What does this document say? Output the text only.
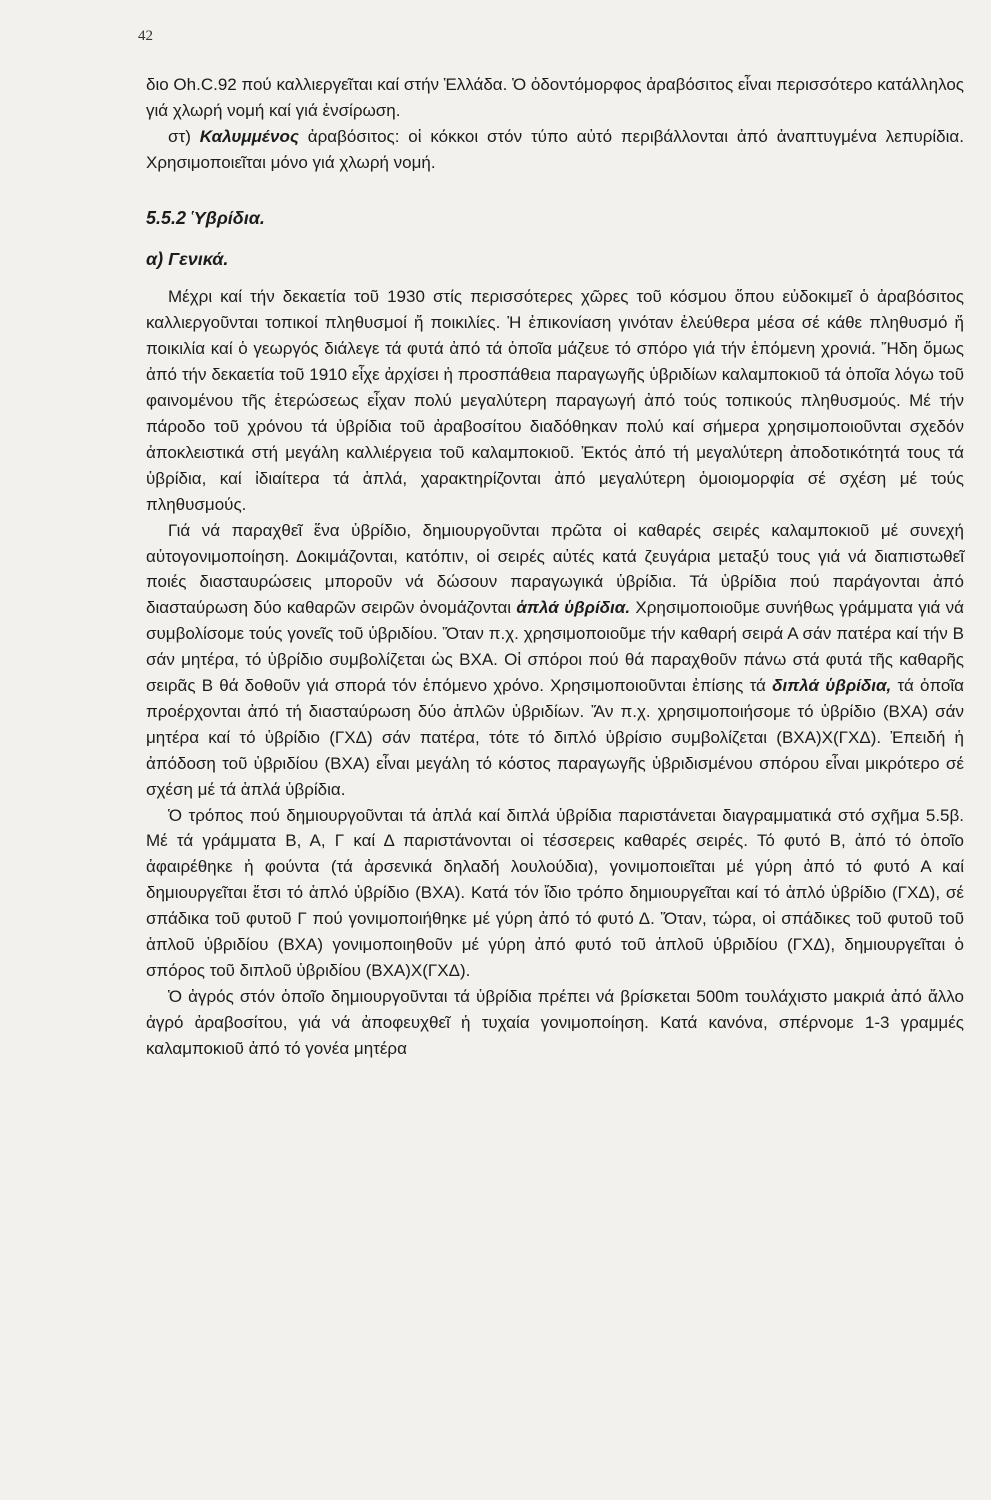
42

διο Oh.C.92 πού καλλιεργεῖται καί στήν Ἑλλάδα. Ὁ ὀδοντόμορφος ἀραβόσιτος εἶναι περισσότερο κατάλληλος γιά χλωρή νομή καί γιά ἐνσίρωση.

στ) Καλυμμένος ἀραβόσιτος: οἱ κόκκοι στόν τύπο αὐτό περιβάλλονται ἀπό ἀναπτυγμένα λεπυρίδια. Χρησιμοποιεῖται μόνο γιά χλωρή νομή.

5.5.2 Ὑβρίδια.

α) Γενικά.

Μέχρι καί τήν δεκαετία τοῦ 1930 στίς περισσότερες χῶρες τοῦ κόσμου ὅπου εὐδοκιμεῖ ὁ ἀραβόσιτος καλλιεργοῦνται τοπικοί πληθυσμοί ἤ ποικιλίες. Ἡ ἐπικονίαση γινόταν ἐλεύθερα μέσα σέ κάθε πληθυσμό ἤ ποικιλία καί ὁ γεωργός διάλεγε τά φυτά ἀπό τά ὁποῖα μάζευε τό σπόρο γιά τήν ἑπόμενη χρονιά. Ἤδη ὅμως ἀπό τήν δεκαετία τοῦ 1910 εἶχε ἀρχίσει ἡ προσπάθεια παραγωγῆς ὑβριδίων καλαμποκιοῦ τά ὁποῖα λόγω τοῦ φαινομένου τῆς ἑτερώσεως εἶχαν πολύ μεγαλύτερη παραγωγή ἀπό τούς τοπικούς πληθυσμούς. Μέ τήν πάροδο τοῦ χρόνου τά ὑβρίδια τοῦ ἀραβοσίτου διαδόθηκαν πολύ καί σήμερα χρησιμοποιοῦνται σχεδόν ἀποκλειστικά στή μεγάλη καλλιέργεια τοῦ καλαμποκιοῦ. Ἐκτός ἀπό τή μεγαλύτερη ἀποδοτικότητά τους τά ὑβρίδια, καί ἰδιαίτερα τά ἁπλά, χαρακτηρίζονται ἀπό μεγαλύτερη ὁμοιομορφία σέ σχέση μέ τούς πληθυσμούς.

Γιά νά παραχθεῖ ἕνα ὑβρίδιο, δημιουργοῦνται πρῶτα οἱ καθαρές σειρές καλαμποκιοῦ μέ συνεχή αὐτογονιμοποίηση. Δοκιμάζονται, κατόπιν, οἱ σειρές αὐτές κατά ζευγάρια μεταξύ τους γιά νά διαπιστωθεῖ ποιές διασταυρώσεις μποροῦν νά δώσουν παραγωγικά ὑβρίδια. Τά ὑβρίδια πού παράγονται ἀπό διασταύρωση δύο καθαρῶν σειρῶν ὀνομάζονται ἁπλά ὑβρίδια. Χρησιμοποιοῦμε συνήθως γράμματα γιά νά συμβολίσομε τούς γονεῖς τοῦ ὑβριδίου. Ὅταν π.χ. χρησιμοποιοῦμε τήν καθαρή σειρά Α σάν πατέρα καί τήν Β σάν μητέρα, τό ὑβρίδιο συμβολίζεται ὡς ΒΧΑ. Οἱ σπόροι πού θά παραχθοῦν πάνω στά φυτά τῆς καθαρῆς σειρᾶς Β θά δοθοῦν γιά σπορά τόν ἑπόμενο χρόνο. Χρησιμοποιοῦνται ἐπίσης τά διπλά ὑβρίδια, τά ὁποῖα προέρχονται ἀπό τή διασταύρωση δύο ἁπλῶν ὑβριδίων. Ἄν π.χ. χρησιμοποιήσομε τό ὑβρίδιο (ΒΧΑ) σάν μητέρα καί τό ὑβρίδιο (ΓΧΔ) σάν πατέρα, τότε τό διπλό ὑβρίσιο συμβολίζεται (ΒΧΑ)Χ(ΓΧΔ). Ἐπειδή ἡ ἀπόδοση τοῦ ὑβριδίου (ΒΧΑ) εἶναι μεγάλη τό κόστος παραγωγῆς ὑβριδισμένου σπόρου εἶναι μικρότερο σέ σχέση μέ τά ἁπλά ὑβρίδια.

Ὁ τρόπος πού δημιουργοῦνται τά ἁπλά καί διπλά ὑβρίδια παριστάνεται διαγραμματικά στό σχῆμα 5.5β. Μέ τά γράμματα Β, Α, Γ καί Δ παριστάνονται οἱ τέσσερεις καθαρές σειρές. Τό φυτό Β, ἀπό τό ὁποῖο ἀφαιρέθηκε ἡ φούντα (τά ἀρσενικά δηλαδή λουλούδια), γονιμοποιεῖται μέ γύρη ἀπό τό φυτό Α καί δημιουργεῖται ἔτσι τό ἁπλό ὑβρίδιο (ΒΧΑ). Κατά τόν ἴδιο τρόπο δημιουργεῖται καί τό ἁπλό ὑβρίδιο (ΓΧΔ), σέ σπάδικα τοῦ φυτοῦ Γ πού γονιμοποιήθηκε μέ γύρη ἀπό τό φυτό Δ. Ὅταν, τώρα, οἱ σπάδικες τοῦ φυτοῦ τοῦ ἁπλοῦ ὑβριδίου (ΒΧΑ) γονιμοποιηθοῦν μέ γύρη ἀπό φυτό τοῦ ἁπλοῦ ὑβριδίου (ΓΧΔ), δημιουργεῖται ὁ σπόρος τοῦ διπλοῦ ὑβριδίου (ΒΧΑ)Χ(ΓΧΔ).

Ὁ ἀγρός στόν ὁποῖο δημιουργοῦνται τά ὑβρίδια πρέπει νά βρίσκεται 500m τουλάχιστο μακριά ἀπό ἄλλο ἀγρό ἀραβοσίτου, γιά νά ἀποφευχθεῖ ἡ τυχαία γονιμοποίηση. Κατά κανόνα, σπέρνομε 1-3 γραμμές καλαμποκιοῦ ἀπό τό γονέα μητέρα
